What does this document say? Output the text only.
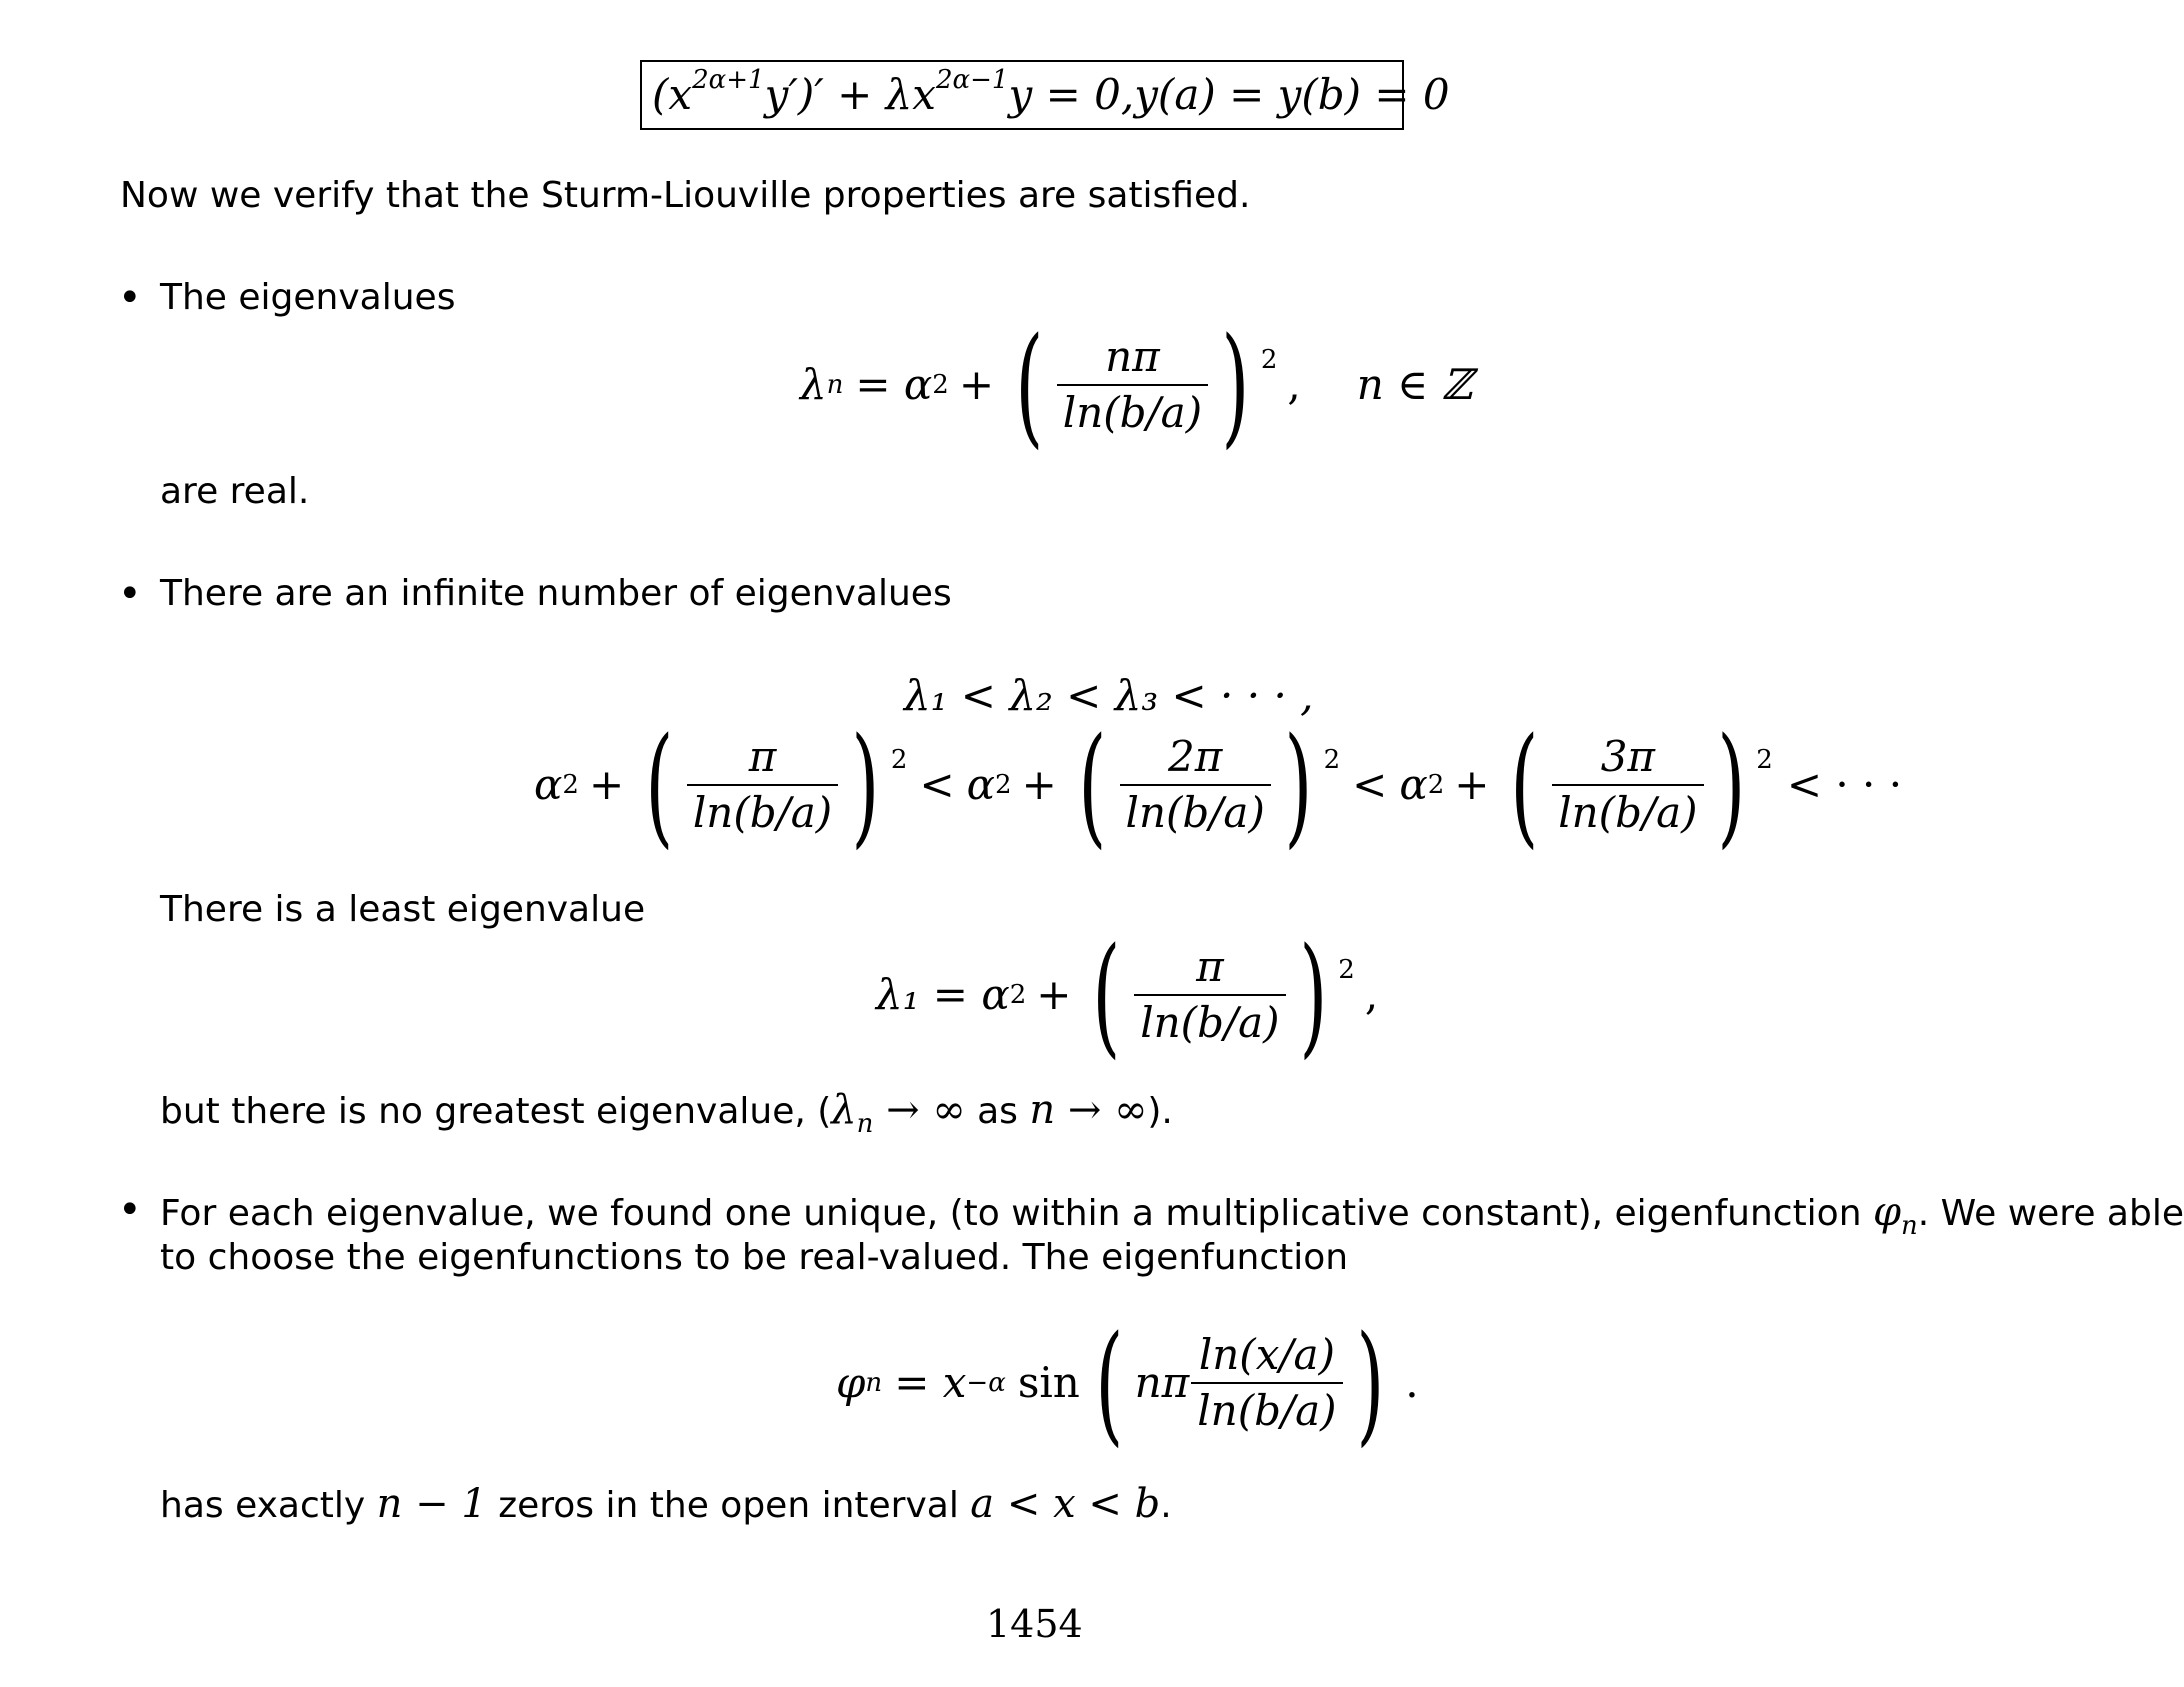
$(x^{2\alpha+1}y')' + \lambda x^{2\alpha-1}y = 0$, y(a) = y(b) = 0
Now we verify that the Sturm-Liouville properties are satisfied.
• The eigenvalues
λ n = α 2 + ( $\frac{n\pi}{\ln(b/a)}$ ) 2 , n ∈ ℤ
are real.
• There are an infinite number of eigenvalues
λ₁ < λ₂ < λ₃ < · · · ,
α 2 + ( $\frac{\pi}{\ln(b/a)}$ ) 2 < α 2 + ( $\frac{2\pi}{\ln(b/a)}$ ) 2 < α 2 + ( $\frac{3\pi}{\ln(b/a)}$ ) 2 < · · ·
There is a least eigenvalue
λ₁ = α 2 + ( $\frac{\pi}{\ln(b/a)}$ ) 2 ,
but there is no greatest eigenvalue, ($\lambda_n$ → ∞ as n → ∞).
• For each eigenvalue, we found one unique, (to within a multiplicative constant), eigenfunction $\varphi_n$. We were able
to choose the eigenfunctions to be real-valued. The eigenfunction
φ n = x −α sin ( nπ $\frac{\ln(x/a)}{\ln(b/a)}$ ) .
has exactly n − 1 zeros in the open interval a < x < b.
1454
